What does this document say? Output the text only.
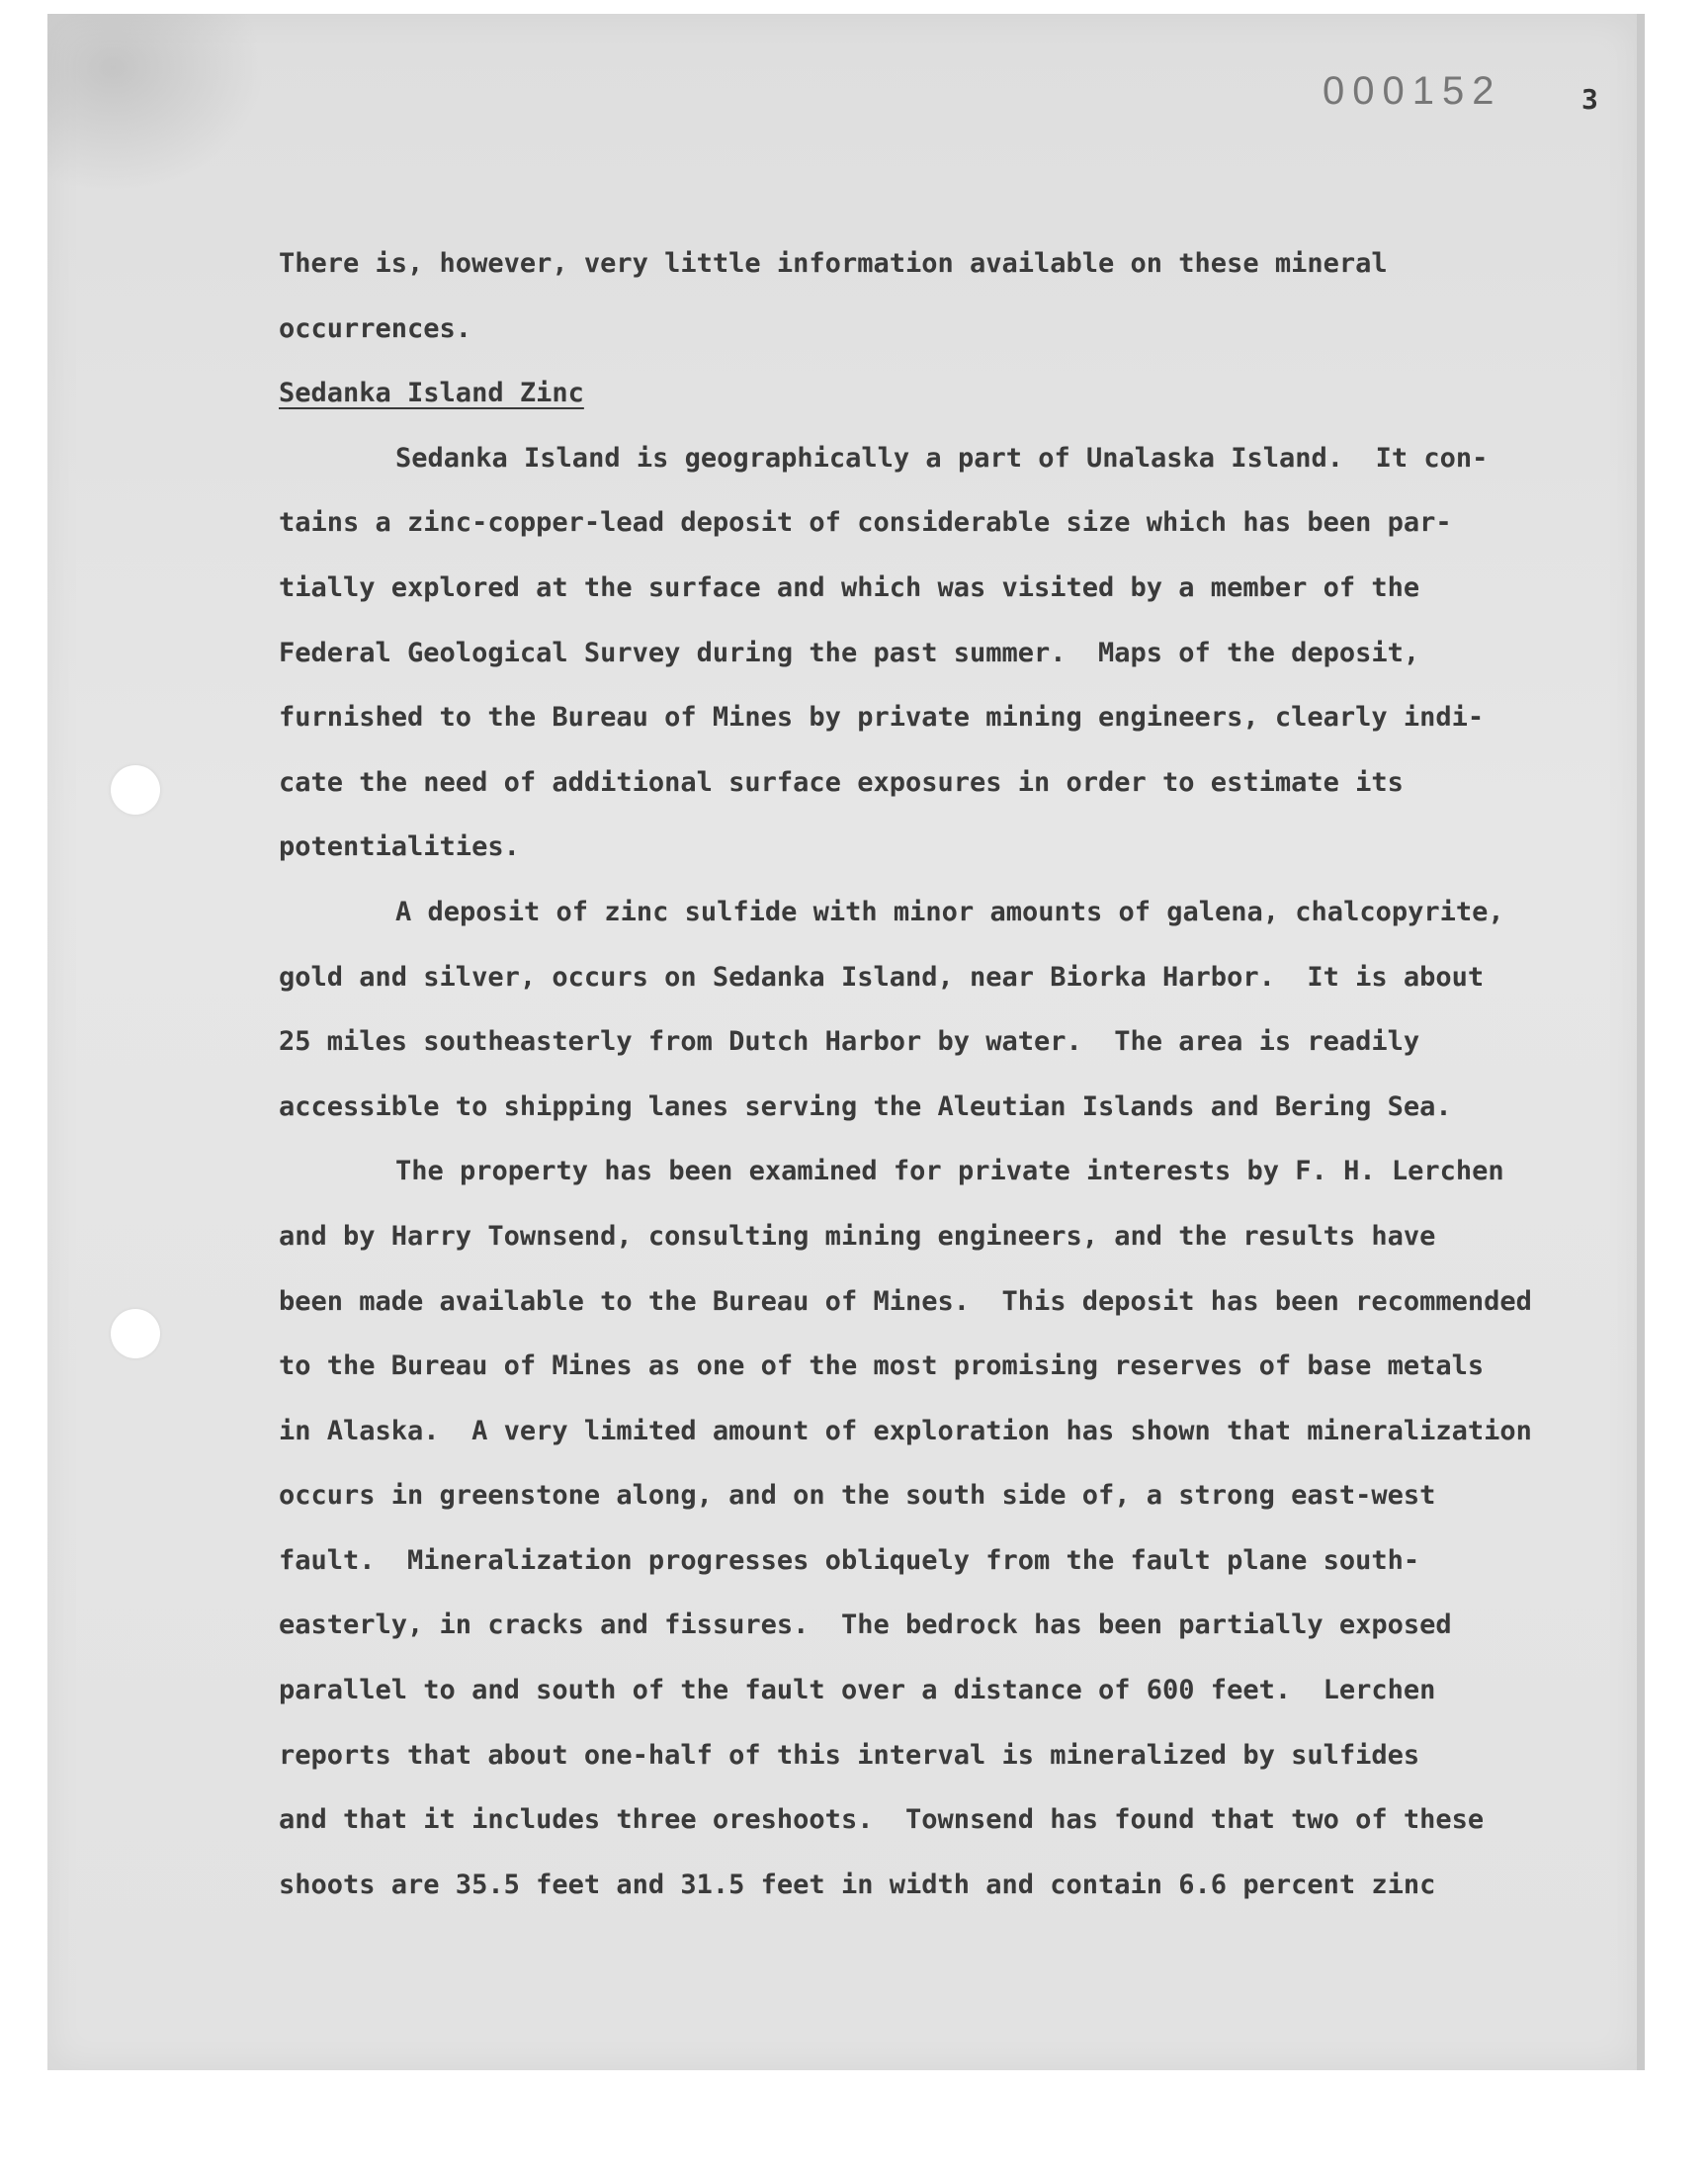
000152	3
There is, however, very little information available on these mineral
occurrences.
Sedanka Island Zinc
Sedanka Island is geographically a part of Unalaska Island.  It con-
tains a zinc-copper-lead deposit of considerable size which has been par-
tially explored at the surface and which was visited by a member of the
Federal Geological Survey during the past summer.  Maps of the deposit,
furnished to the Bureau of Mines by private mining engineers, clearly indi-
cate the need of additional surface exposures in order to estimate its
potentialities.
A deposit of zinc sulfide with minor amounts of galena, chalcopyrite,
gold and silver, occurs on Sedanka Island, near Biorka Harbor.  It is about
25 miles southeasterly from Dutch Harbor by water.  The area is readily
accessible to shipping lanes serving the Aleutian Islands and Bering Sea.
The property has been examined for private interests by F. H. Lerchen
and by Harry Townsend, consulting mining engineers, and the results have
been made available to the Bureau of Mines.  This deposit has been recommended
to the Bureau of Mines as one of the most promising reserves of base metals
in Alaska.  A very limited amount of exploration has shown that mineralization
occurs in greenstone along, and on the south side of, a strong east-west
fault.  Mineralization progresses obliquely from the fault plane south-
easterly, in cracks and fissures.  The bedrock has been partially exposed
parallel to and south of the fault over a distance of 600 feet.  Lerchen
reports that about one-half of this interval is mineralized by sulfides
and that it includes three oreshoots.  Townsend has found that two of these
shoots are 35.5 feet and 31.5 feet in width and contain 6.6 percent zinc
